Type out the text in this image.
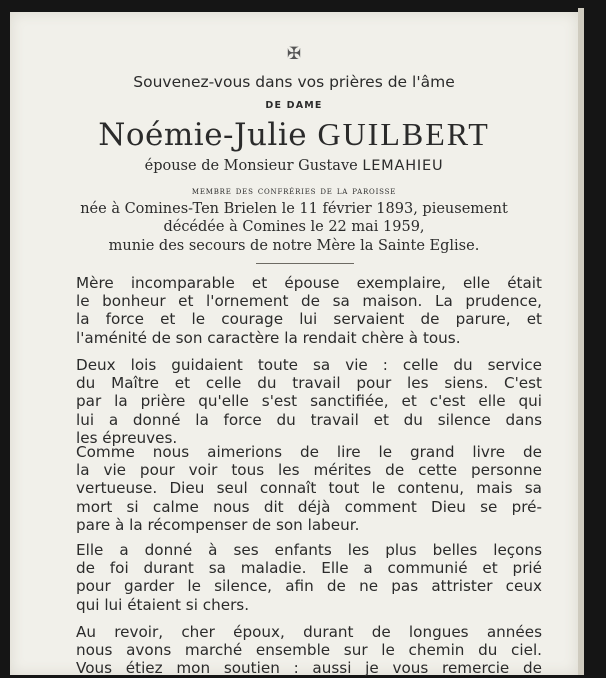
✠
Souvenez-vous dans vos prières de l'âme
DE DAME
Noémie-Julie GUILBERT
épouse de Monsieur Gustave LEMAHIEU
membre des confréries de la paroisse
née à Comines-Ten Brielen le 11 février 1893, pieusement
décédée à Comines le 22 mai 1959,
munie des secours de notre Mère la Sainte Eglise.
Mère incomparable et épouse exemplaire, elle était
le bonheur et l'ornement de sa maison. La prudence,
la force et le courage lui servaient de parure, et
l'aménité de son caractère la rendait chère à tous.
Deux lois guidaient toute sa vie : celle du service
du Maître et celle du travail pour les siens. C'est
par la prière qu'elle s'est sanctifiée, et c'est elle qui
lui a donné la force du travail et du silence dans
les épreuves.
Comme nous aimerions de lire le grand livre de
la vie pour voir tous les mérites de cette personne
vertueuse. Dieu seul connaît tout le contenu, mais sa
mort si calme nous dit déjà comment Dieu se pré-
pare à la récompenser de son labeur.
Elle a donné à ses enfants les plus belles leçons
de foi durant sa maladie. Elle a communié et prié
pour garder le silence, afin de ne pas attrister ceux
qui lui étaient si chers.
Au revoir, cher époux, durant de longues années
nous avons marché ensemble sur le chemin du ciel.
Vous étiez mon soutien : aussi je vous remercie de
